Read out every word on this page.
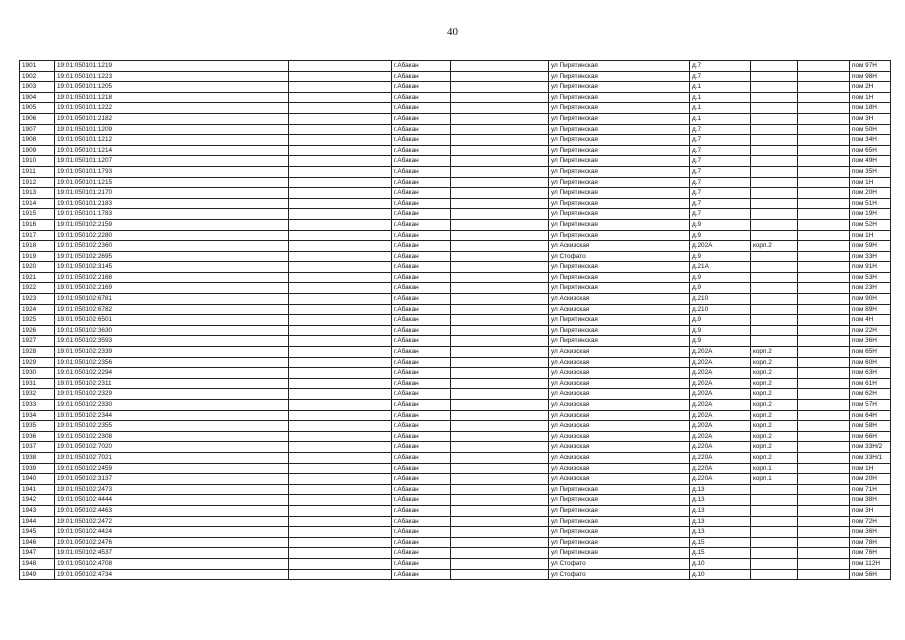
40
1901	19:01:050101:1219		г.Абакан		ул Пирятинская	д.7			пом 97Н
1902	19:01:050101:1223		г.Абакан		ул Пирятинская	д.7			пом 98Н
1903	19:01:050101:1205		г.Абакан		ул Пирятинская	д.1			пом 2Н
1904	19:01:050101:1218		г.Абакан		ул Пирятинская	д.1			пом 1Н
1905	19:01:050101:1222		г.Абакан		ул Пирятинская	д.1			пом 18Н
1906	19:01:050101:2182		г.Абакан		ул Пирятинская	д.1			пом 3Н
1907	19:01:050101:1209		г.Абакан		ул Пирятинская	д.7			пом 50Н
1908	19:01:050101:1212		г.Абакан		ул Пирятинская	д.7			пом 34Н
1909	19:01:050101:1214		г.Абакан		ул Пирятинская	д.7			пом 65Н
1910	19:01:050101:1207		г.Абакан		ул Пирятинская	д.7			пом 49Н
1911	19:01:050101:1793		г.Абакан		ул Пирятинская	д.7			пом 35Н
1912	19:01:050101:1215		г.Абакан		ул Пирятинская	д.7			пом 1Н
1913	19:01:050101:2170		г.Абакан		ул Пирятинская	д.7			пом 20Н
1914	19:01:050101:2183		г.Абакан		ул Пирятинская	д.7			пом 51Н
1915	19:01:050101:1783		г.Абакан		ул Пирятинская	д.7			пом 19Н
1916	19:01:050102:2159		г.Абакан		ул Пирятинская	д.9			пом 52Н
1917	19:01:050102:2280		г.Абакан		ул Пирятинская	д.9			пом 1Н
1918	19:01:050102:2360		г.Абакан		ул Аскизская	д.202А	корп.2		пом 59Н
1919	19:01:050102:2695		г.Абакан		ул Стофато	д.9			пом 33Н
1920	19:01:050102:3145		г.Абакан		ул Пирятинская	д.21А			пом 91Н
1921	19:01:050102:2168		г.Абакан		ул Пирятинская	д.9			пом 53Н
1922	19:01:050102:2169		г.Абакан		ул Пирятинская	д.9			пом 23Н
1923	19:01:050102:6781		г.Абакан		ул Аскизская	д.210			пом 90Н
1924	19:01:050102:6782		г.Абакан		ул Аскизская	д.210			пом 89Н
1925	19:01:050102:6501		г.Абакан		ул Пирятинская	д.9			пом 4Н
1926	19:01:050102:3630		г.Абакан		ул Пирятинская	д.9			пом 22Н
1927	19:01:050102:3593		г.Абакан		ул Пирятинская	д.9			пом 36Н
1928	19:01:050102:2339		г.Абакан		ул Аскизская	д.202А	корп.2		пом 65Н
1929	19:01:050102:2356		г.Абакан		ул Аскизская	д.202А	корп.2		пом 60Н
1930	19:01:050102:2294		г.Абакан		ул Аскизская	д.202А	корп.2		пом 63Н
1931	19:01:050102:2311		г.Абакан		ул Аскизская	д.202А	корп.2		пом 61Н
1932	19:01:050102:2329		г.Абакан		ул Аскизская	д.202А	корп.2		пом 62Н
1933	19:01:050102:2330		г.Абакан		ул Аскизская	д.202А	корп.2		пом 57Н
1934	19:01:050102:2344		г.Абакан		ул Аскизская	д.202А	корп.2		пом 64Н
1935	19:01:050102:2355		г.Абакан		ул Аскизская	д.202А	корп.2		пом 58Н
1936	19:01:050102:2308		г.Абакан		ул Аскизская	д.202А	корп.2		пом 66Н
1937	19:01:050102:7020		г.Абакан		ул Аскизская	д.220А	корп.2		пом 33Н/2
1938	19:01:050102:7021		г.Абакан		ул Аскизская	д.220А	корп.2		пом 33Н/1
1939	19:01:050102:2459		г.Абакан		ул Аскизская	д.220А	корп.1		пом 1Н
1940	19:01:050102:3137		г.Абакан		ул Аскизская	д.220А	корп.1		пом 20Н
1941	19:01:050102:2473		г.Абакан		ул Пирятинская	д.13			пом 71Н
1942	19:01:050102:4444		г.Абакан		ул Пирятинская	д.13			пом 38Н
1943	19:01:050102:4463		г.Абакан		ул Пирятинская	д.13			пом 3Н
1944	19:01:050102:2472		г.Абакан		ул Пирятинская	д.13			пом 72Н
1945	19:01:050102:4424		г.Абакан		ул Пирятинская	д.13			пом 36Н
1946	19:01:050102:2476		г.Абакан		ул Пирятинская	д.15			пом 78Н
1947	19:01:050102:4537		г.Абакан		ул Пирятинская	д.15			пом 76Н
1948	19:01:050102:4708		г.Абакан		ул Стофато	д.10			пом 112Н
1949	19:01:050102:4734		г.Абакан		ул Стофато	д.10			пом 56Н
